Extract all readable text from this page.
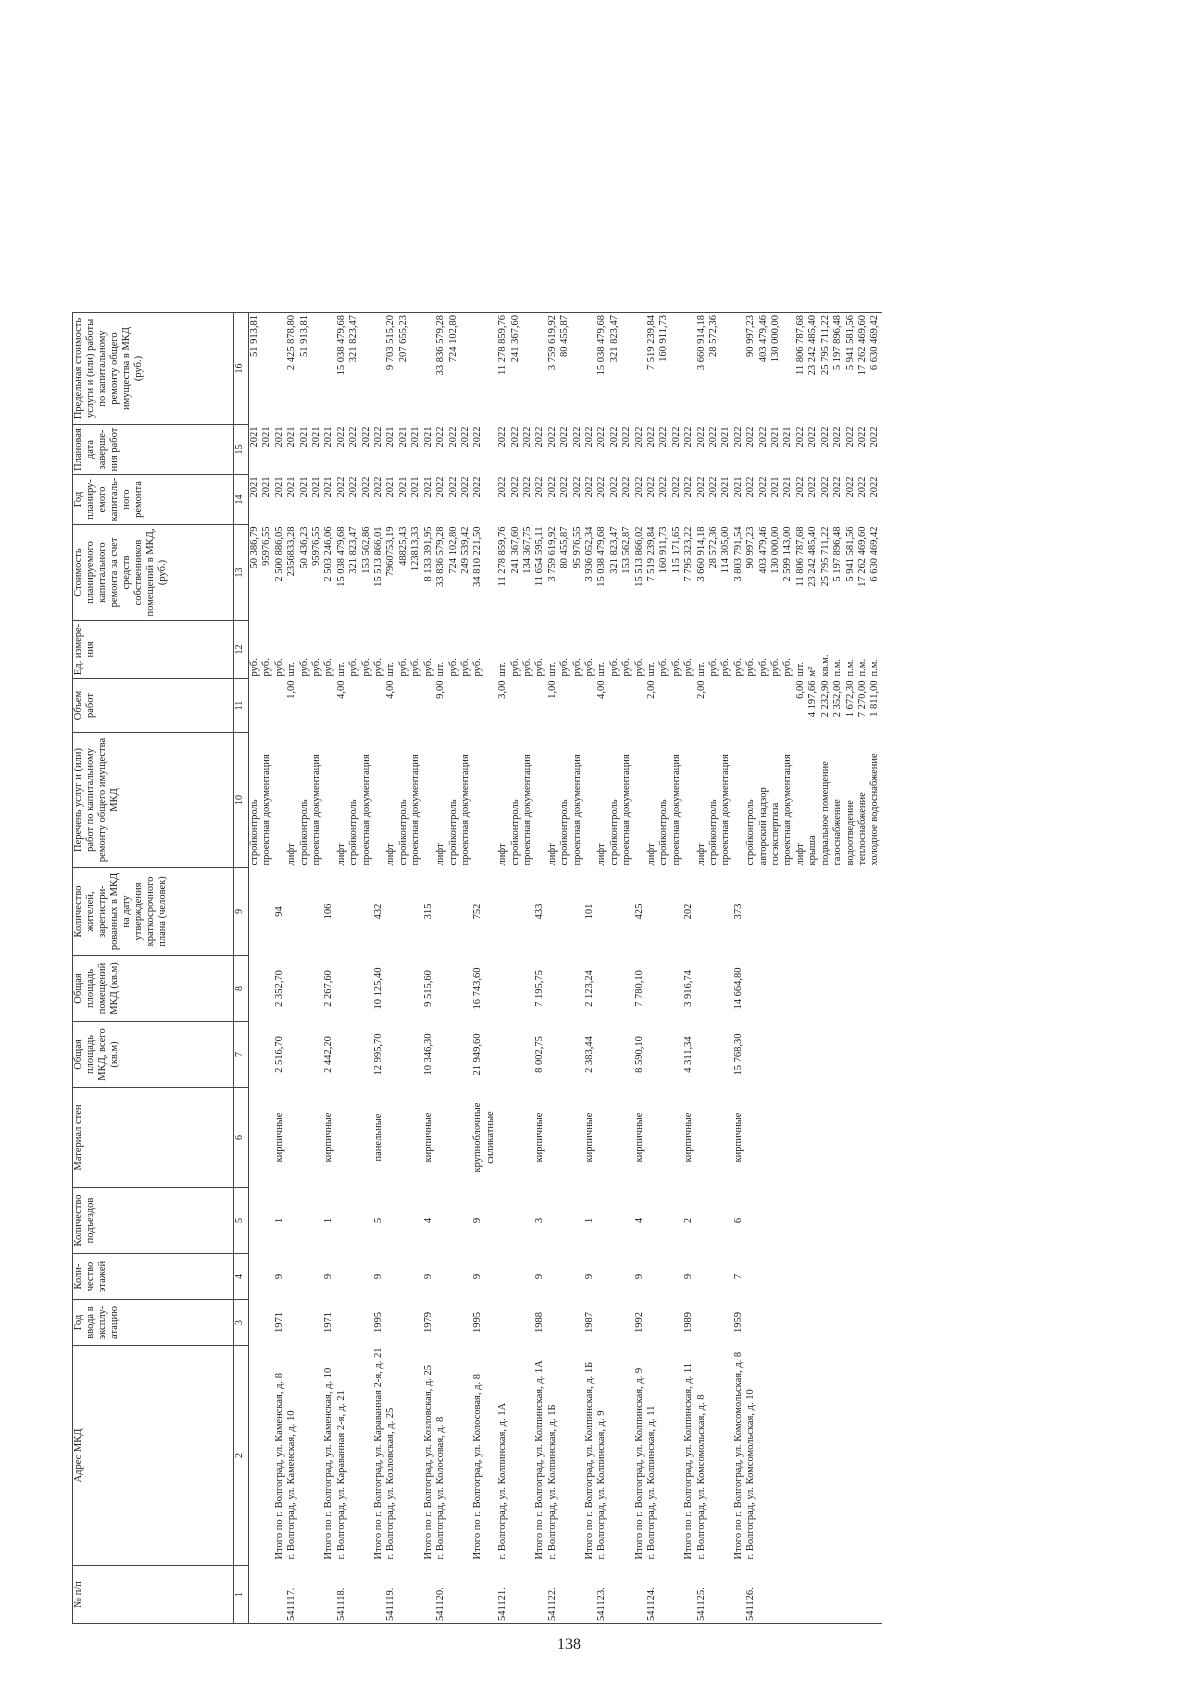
138
№ п/п	Адрес МКД	Год ввода в эксплу-атацию	Коли-чество этажей	Количество подъездов	Материал стен	Общая площадь МКД, всего (кв.м)	Общая площадь помещений МКД (кв.м)	Количество жителей, зарегистри-рованных в МКД на дату утверждения краткосрочного плана (человек)	Перечень услуг и (или) работ по капитальному ремонту общего имущества МКД	Объем работ	Ед. измере-ния	Стоимость планируемого капитального ремонта за счет средств собственников помещений в МКД, (руб.)	Год планиру-емого капиталь-ного ремонта	Плановая дата заверше-ния работ	Предельная стоимость услуги и (или) работы по капитальному ремонту общего имущества в МКД (руб.)
1	2	3	4	5	6	7	8	9	10	11	12	13	14	15	16
									стройконтроль		руб.	50 386,79	2021	2021	51 913,81
									проектная документация		руб.	95976,55	2021	2021	
	Итого по г. Волгоград, ул. Каменская, д. 8	1971	9	1	кирпичные	2 516,70	2 352,70	94			руб.	2 500 886,05	2021	2021	
541117.	г. Волгоград, ул. Каменская, д. 10								лифт	1,00	шт.	2356833,28	2021	2021	2 425 878,80
									стройконтроль		руб.	50 436,23	2021	2021	51 913,81
									проектная документация		руб.	95976,55	2021	2021	
	Итого по г. Волгоград, ул. Каменская, д. 10	1971	9	1	кирпичные	2 442,20	2 267,60	106			руб.	2 503 246,06	2021	2021	
541118.	г. Волгоград, ул. Караванная 2-я, д. 21								лифт	4,00	шт.	15 038 479,68	2022	2022	15 038 479,68
									стройконтроль		руб.	321 823,47	2022	2022	321 823,47
									проектная документация		руб.	153 562,86	2022	2022	
	Итого по г. Волгоград, ул. Караванная 2-я, д. 21	1995	9	5	панельные	12 995,70	10 125,40	432			руб.	15 513 866,01	2022	2022	
541119.	г. Волгоград, ул. Козловская, д. 25								лифт	4,00	шт.	7960753,19	2021	2021	9 703 515,20
									стройконтроль		руб.	48825,43	2021	2021	207 655,23
									проектная документация		руб.	123813,33	2021	2021	
	Итого по г. Волгоград, ул. Козловская, д. 25	1979	9	4	кирпичные	10 346,30	9 515,60	315			руб.	8 133 391,95	2021	2021	
541120.	г. Волгоград, ул. Колосовая, д. 8								лифт	9,00	шт.	33 836 579,28	2022	2022	33 836 579,28
									стройконтроль		руб.	724 102,80	2022	2022	724 102,80
									проектная документация		руб.	249 539,42	2022	2022	
	Итого по г. Волгоград, ул. Колосовая, д. 8	1995	9	9	крупноблочные силикатные	21 949,60	16 743,60	752			руб.	34 810 221,50	2022	2022	
541121.	г. Волгоград, ул. Колпинская, д. 1А								лифт	3,00	шт.	11 278 859,76	2022	2022	11 278 859,76
									стройконтроль		руб.	241 367,60	2022	2022	241 367,60
									проектная документация		руб.	134 367,75	2022	2022	
	Итого по г. Волгоград, ул. Колпинская, д. 1А	1988	9	3	кирпичные	8 002,75	7 195,75	433			руб.	11 654 595,11	2022	2022	
541122.	г. Волгоград, ул. Колпинская, д. 1Б								лифт	1,00	шт.	3 759 619,92	2022	2022	3 759 619,92
									стройконтроль		руб.	80 455,87	2022	2022	80 455,87
									проектная документация		руб.	95 976,55	2022	2022	
	Итого по г. Волгоград, ул. Колпинская, д. 1Б	1987	9	1	кирпичные	2 383,44	2 123,24	101			руб.	3 936 052,34	2022	2022	
541123.	г. Волгоград, ул. Колпинская, д. 9								лифт	4,00	шт.	15 038 479,68	2022	2022	15 038 479,68
									стройконтроль		руб.	321 823,47	2022	2022	321 823,47
									проектная документация		руб.	153 562,87	2022	2022	
	Итого по г. Волгоград, ул. Колпинская, д. 9	1992	9	4	кирпичные	8 590,10	7 780,10	425			руб.	15 513 866,02	2022	2022	
541124.	г. Волгоград, ул. Колпинская, д. 11								лифт	2,00	шт.	7 519 239,84	2022	2022	7 519 239,84
									стройконтроль		руб.	160 911,73	2022	2022	160 911,73
									проектная документация		руб.	115 171,65	2022	2022	
	Итого по г. Волгоград, ул. Колпинская, д. 11	1989	9	2	кирпичные	4 311,34	3 916,74	202			руб.	7 795 323,22	2022	2022	
541125.	г. Волгоград, ул. Комсомольская, д. 8								лифт	2,00	шт.	3 660 914,18	2022	2022	3 660 914,18
									стройконтроль		руб.	28 572,36	2022	2022	28 572,36
									проектная документация		руб.	114 305,00	2021	2021	
	Итого по г. Волгоград, ул. Комсомольская, д. 8	1959	7	6	кирпичные	15 768,30	14 664,80	373			руб.	3 803 791,54	2021	2022	
541126.	г. Волгоград, ул. Комсомольская, д. 10								стройконтроль		руб.	90 997,23	2022	2022	90 997,23
									авторский надзор		руб.	403 479,46	2022	2022	403 479,46
									госэкспертиза		руб.	130 000,00	2021	2021	130 000,00
									проектная документация		руб.	2 599 143,00	2021	2021	
									лифт	6,00	шт.	11 806 787,68	2022	2022	11 806 787,68
									крыша	4 197,66	м²	23 242 485,40	2022	2022	23 242 485,40
									подвальное помещение	2 232,90	кв.м.	25 795 711,22	2022	2022	25 795 711,22
									газоснабжение	2 352,00	п.м.	5 197 896,48	2022	2022	5 197 896,48
									водоотведение	1 672,30	п.м.	5 941 581,56	2022	2022	5 941 581,56
									теплоснабжение	7 270,00	п.м.	17 262 469,60	2022	2022	17 262 469,60
									холодное водоснабжение	1 811,00	п.м.	6 630 469,42	2022	2022	6 630 469,42
